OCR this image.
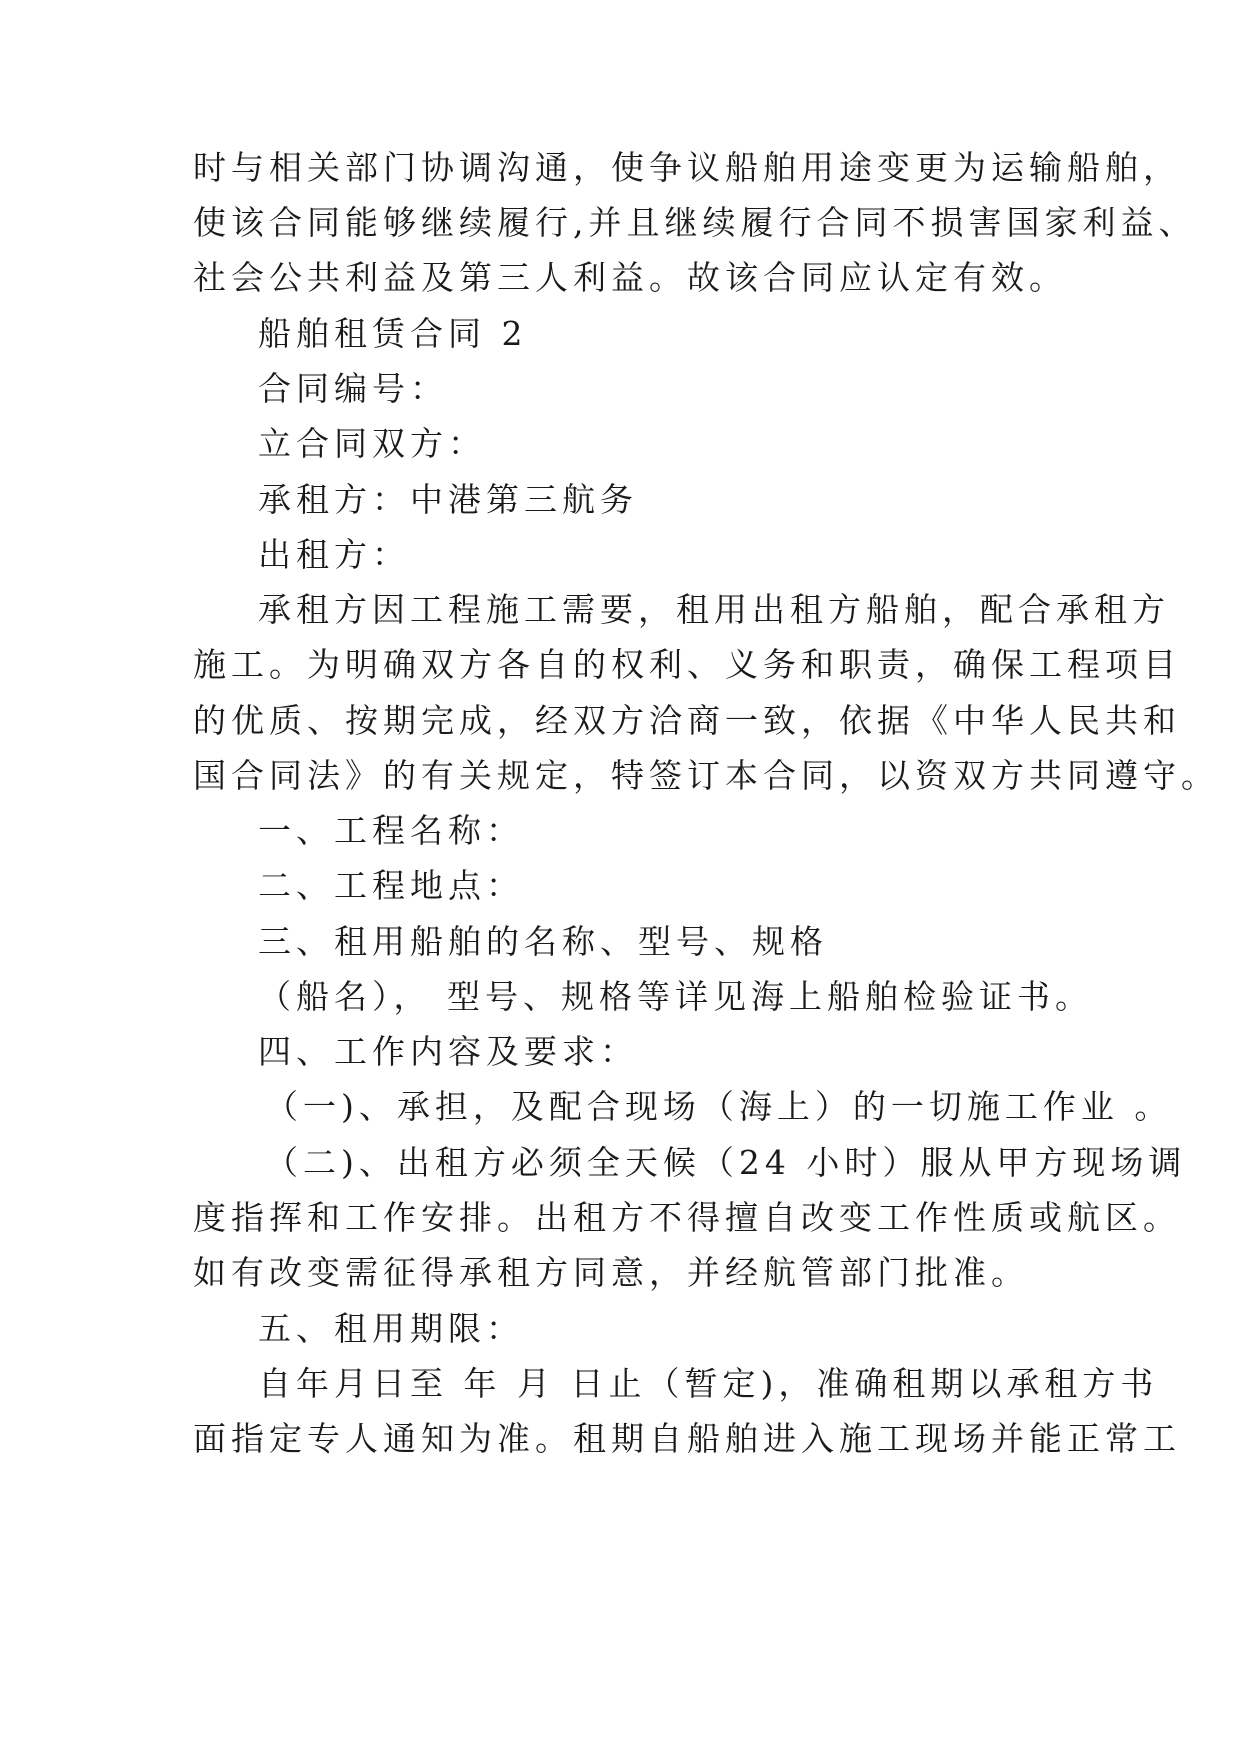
时与相关部门协调沟通，使争议船舶用途变更为运输船舶，
使该合同能够继续履行,并且继续履行合同不损害国家利益、
社会公共利益及第三人利益。故该合同应认定有效。
船舶租赁合同 2
合同编号：
立合同双方：
承租方：中港第三航务
出租方：
承租方因工程施工需要，租用出租方船舶，配合承租方
施工。为明确双方各自的权利、义务和职责，确保工程项目
的优质、按期完成，经双方洽商一致，依据《中华人民共和
国合同法》的有关规定，特签订本合同，以资双方共同遵守。
一、工程名称：
二、工程地点：
三、租用船舶的名称、型号、规格
（船名）， 型号、规格等详见海上船舶检验证书。
四、工作内容及要求：
（一)、承担，及配合现场（海上）的一切施工作业 。
（二)、出租方必须全天候（24 小时）服从甲方现场调
度指挥和工作安排。出租方不得擅自改变工作性质或航区。
如有改变需征得承租方同意，并经航管部门批准。
五、租用期限：
自年月日至 年 月 日止（暂定)，准确租期以承租方书
面指定专人通知为准。租期自船舶进入施工现场并能正常工
